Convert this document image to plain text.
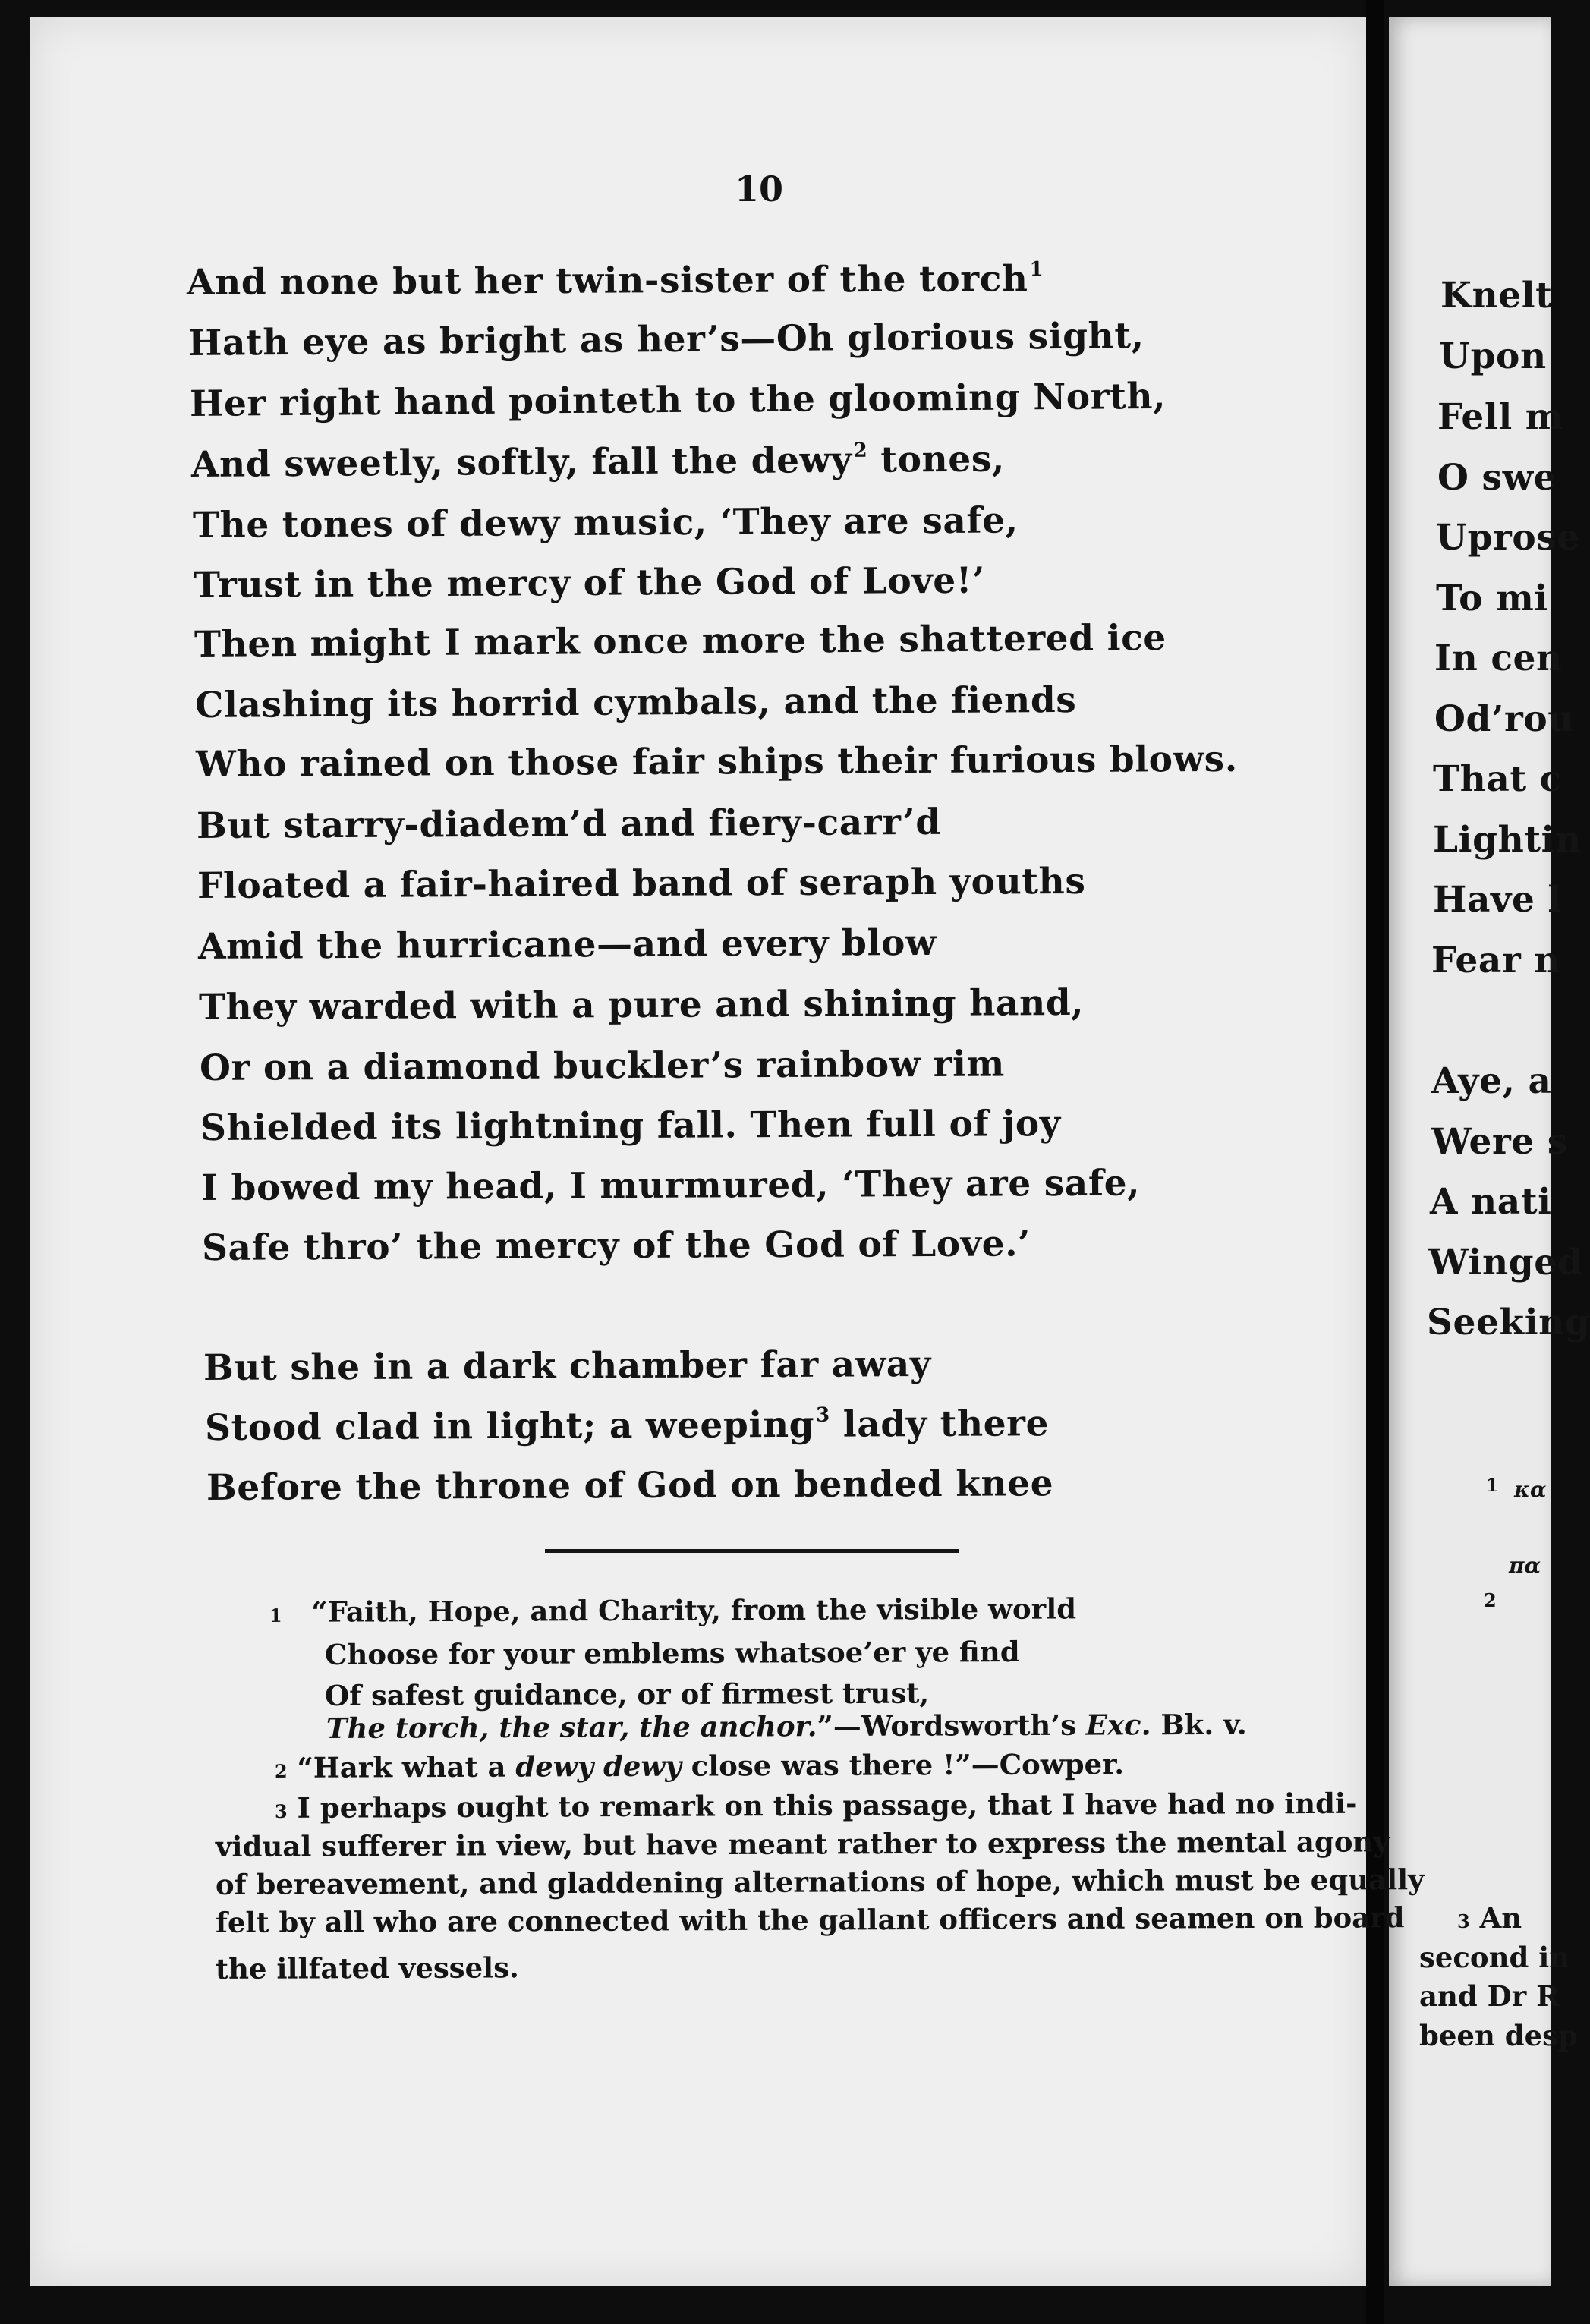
10
And none but her twin-sister of the torch$^1$
Hath eye as bright as her’s—Oh glorious sight,
Her right hand pointeth to the glooming North,
And sweetly, softly, fall the dewy$^2$ tones,
The tones of dewy music, ‘They are safe,
Trust in the mercy of the God of Love!’
Then might I mark once more the shattered ice
Clashing its horrid cymbals, and the fiends
Who rained on those fair ships their furious blows.
But starry-diadem’d and fiery-carr’d
Floated a fair-haired band of seraph youths
Amid the hurricane—and every blow
They warded with a pure and shining hand,
Or on a diamond buckler’s rainbow rim
Shielded its lightning fall. Then full of joy
I bowed my head, I murmured, ‘They are safe,
Safe thro’ the mercy of the God of Love.’
But she in a dark chamber far away
Stood clad in light; a weeping$^3$ lady there
Before the throne of God on bended knee
1 “Faith, Hope, and Charity, from the visible world
Choose for your emblems whatsoe’er ye find
Of safest guidance, or of firmest trust,
The torch, the star, the anchor.”—Wordsworth’s Exc. Bk. v.
2 “Hark what a dewy dewy close was there !”—Cowper.
3 I perhaps ought to remark on this passage, that I have had no indi-
vidual sufferer in view, but have meant rather to express the mental agony
of bereavement, and gladdening alternations of hope, which must be equally
felt by all who are connected with the gallant officers and seamen on board
the illfated vessels.
Knelt
Upon
Fell m
O swe
Uprose
To mi
In cen
Od’rou
That c
Lightin
Have l
Fear n
Aye, a
Were s
A nati
Winged
Seeking
1 κα
πα
2
3 An
second in
and Dr R
been desp
